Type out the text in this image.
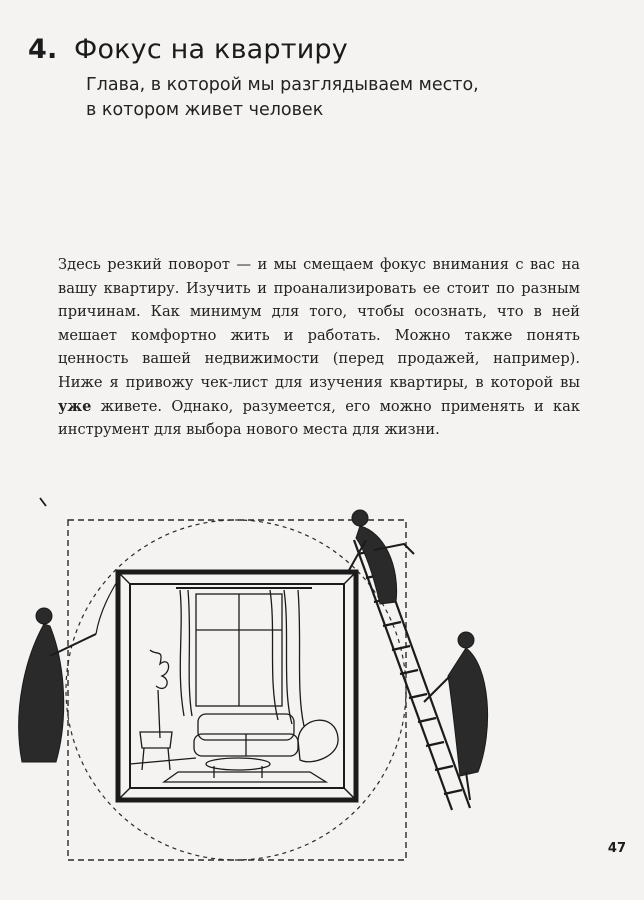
4. Фокус на квартиру
Глава, в которой мы разглядываем место,
в котором живет человек

Здесь резкий поворот — и мы смещаем фокус внимания с вас на вашу квартиру. Изучить и проанализировать ее стоит по разным причинам. Как минимум для того, чтобы осознать, что в ней мешает комфортно жить и работать. Можно также понять ценность вашей недвижимости (перед продажей, например). Ниже я привожу чек-лист для изучения квартиры, в которой вы уже живете. Однако, разумеется, его можно применять и как инструмент для выбора нового места для жизни.

47
